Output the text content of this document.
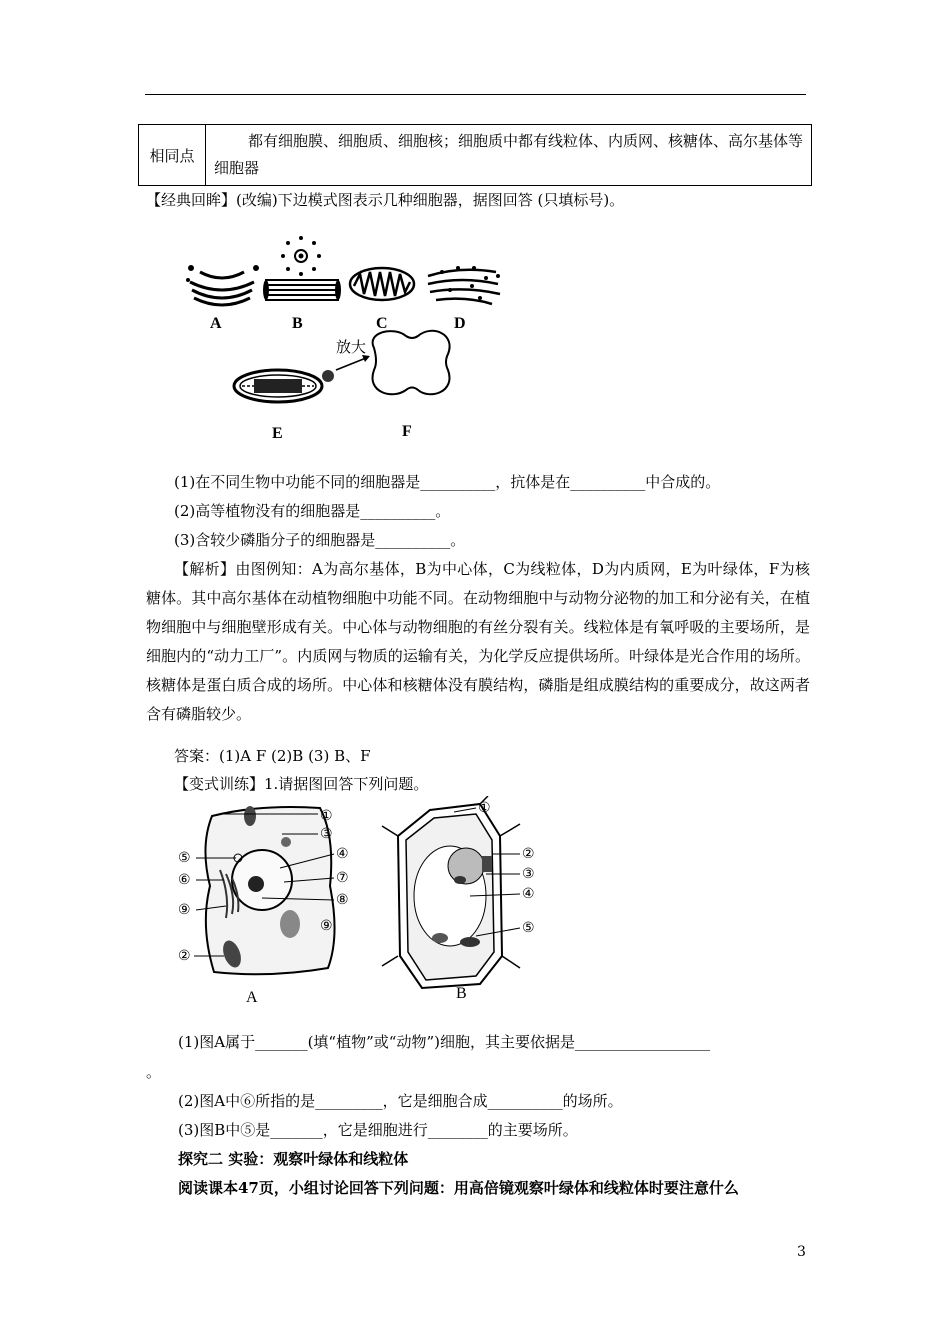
相同点	都有细胞膜、细胞质、细胞核；细胞质中都有线粒体、内质网、核糖体、高尔基体等细胞器
【经典回眸】(改编)下边模式图表示几种细胞器，据图回答 (只填标号)。
A	B	C	D
放大
E	F
(1)在不同生物中功能不同的细胞器是__________，抗体是在__________中合成的。
(2)高等植物没有的细胞器是__________。
(3)含较少磷脂分子的细胞器是__________。
【解析】由图例知：A为高尔基体，B为中心体，C为线粒体，D为内质网，E为叶绿体，F为核糖体。其中高尔基体在动植物细胞中功能不同。在动物细胞中与动物分泌物的加工和分泌有关，在植物细胞中与细胞壁形成有关。中心体与动物细胞的有丝分裂有关。线粒体是有氧呼吸的主要场所，是细胞内的“动力工厂”。内质网与物质的运输有关，为化学反应提供场所。叶绿体是光合作用的场所。核糖体是蛋白质合成的场所。中心体和核糖体没有膜结构，磷脂是组成膜结构的重要成分，故这两者含有磷脂较少。
答案：(1)A F (2)B (3) B、F
【变式训练】1.请据图回答下列问题。
①
③
⑤	④
⑥	⑦
⑧
⑨
⑨
②
A
①
②
③
④
⑤
B
(1)图A属于_______(填“植物”或“动物”)细胞，其主要依据是__________________
。
(2)图A中⑥所指的是_________，它是细胞合成__________的场所。
(3)图B中⑤是_______，它是细胞进行________的主要场所。
探究二 实验：观察叶绿体和线粒体
阅读课本47页，小组讨论回答下列问题：用高倍镜观察叶绿体和线粒体时要注意什么
3
